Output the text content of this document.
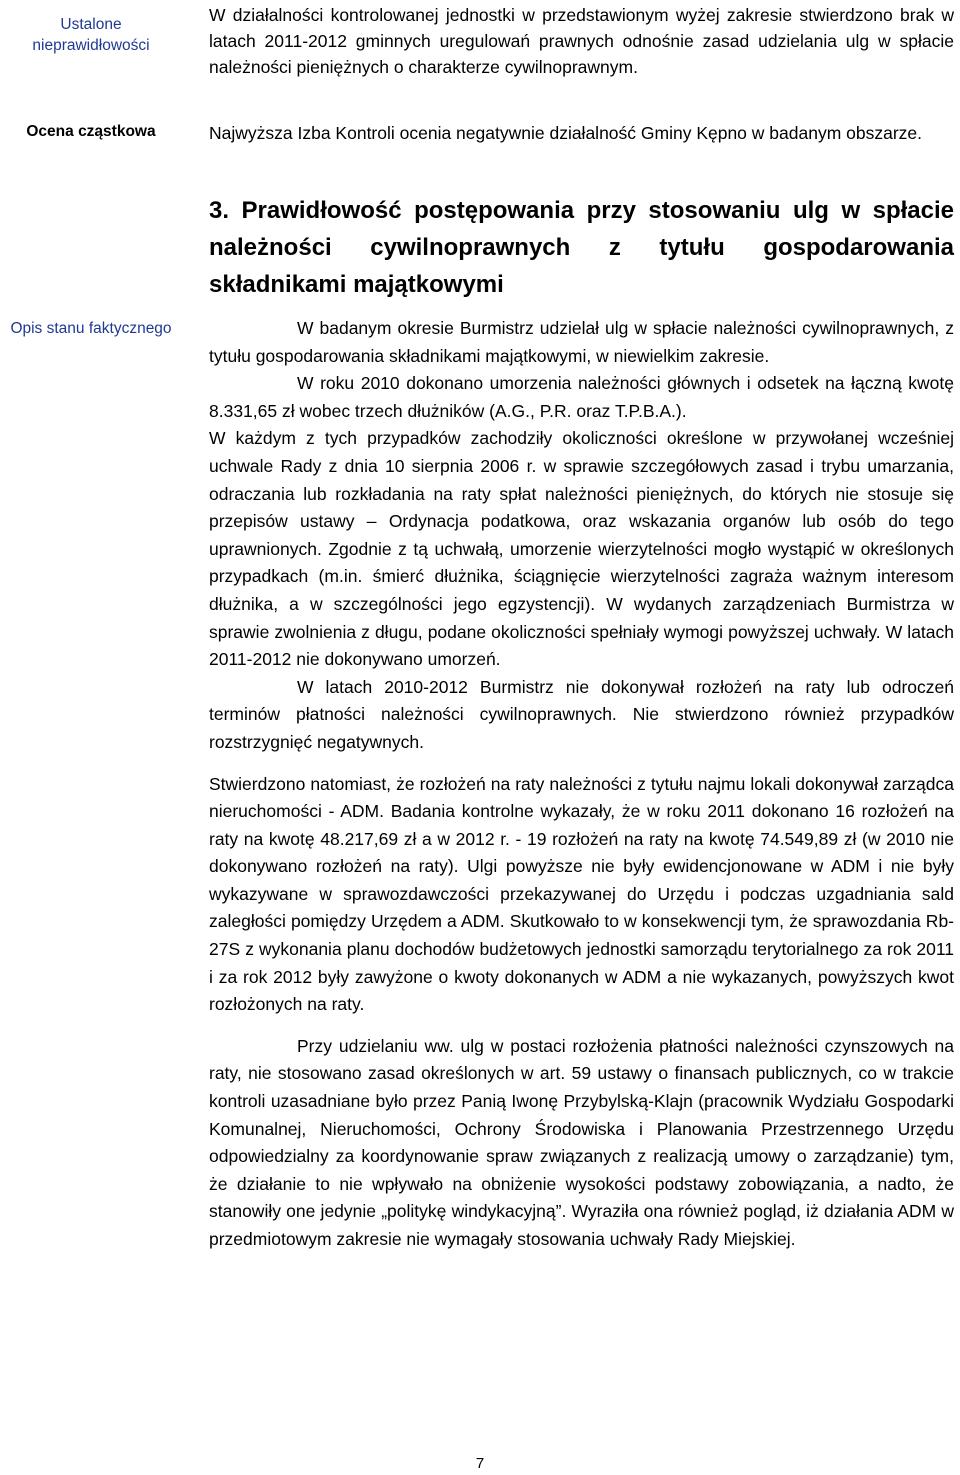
Ustalone nieprawidłowości
Ocena cząstkowa
Opis stanu faktycznego

W działalności kontrolowanej jednostki w przedstawionym wyżej zakresie stwierdzono brak w latach 2011-2012 gminnych uregulowań prawnych odnośnie zasad udzielania ulg w spłacie należności pieniężnych o charakterze cywilnoprawnym.

Najwyższa Izba Kontroli ocenia negatywnie działalność Gminy Kępno w badanym obszarze.

3. Prawidłowość postępowania przy stosowaniu ulg w spłacie należności cywilnoprawnych z tytułu gospodarowania składnikami majątkowymi

W badanym okresie Burmistrz udzielał ulg w spłacie należności cywilnoprawnych, z tytułu gospodarowania składnikami majątkowymi, w niewielkim zakresie.

W roku 2010 dokonano umorzenia należności głównych i odsetek na łączną kwotę 8.331,65 zł wobec trzech dłużników (A.G., P.R. oraz T.P.B.A.).

W każdym z tych przypadków zachodziły okoliczności określone w przywołanej wcześniej uchwale Rady z dnia 10 sierpnia 2006 r. w sprawie szczegółowych zasad i trybu umarzania, odraczania lub rozkładania na raty spłat należności pieniężnych, do których nie stosuje się przepisów ustawy – Ordynacja podatkowa, oraz wskazania organów lub osób do tego uprawnionych. Zgodnie z tą uchwałą, umorzenie wierzytelności mogło wystąpić w określonych przypadkach (m.in. śmierć dłużnika, ściągnięcie wierzytelności zagraża ważnym interesom dłużnika, a w szczególności jego egzystencji). W wydanych zarządzeniach Burmistrza w sprawie zwolnienia z długu, podane okoliczności spełniały wymogi powyższej uchwały. W latach 2011-2012 nie dokonywano umorzeń.

W latach 2010-2012 Burmistrz nie dokonywał rozłożeń na raty lub odroczeń terminów płatności należności cywilnoprawnych. Nie stwierdzono również przypadków rozstrzygnięć negatywnych.

Stwierdzono natomiast, że rozłożeń na raty należności z tytułu najmu lokali dokonywał zarządca nieruchomości - ADM. Badania kontrolne wykazały, że w roku 2011 dokonano 16 rozłożeń na raty na kwotę 48.217,69 zł a w 2012 r. - 19 rozłożeń na raty na kwotę 74.549,89 zł (w 2010 nie dokonywano rozłożeń na raty). Ulgi powyższe nie były ewidencjonowane w ADM i nie były wykazywane w sprawozdawczości przekazywanej do Urzędu i podczas uzgadniania sald zaległości pomiędzy Urzędem a ADM. Skutkowało to w konsekwencji tym, że sprawozdania Rb-27S z wykonania planu dochodów budżetowych jednostki samorządu terytorialnego za rok 2011 i za rok 2012 były zawyżone o kwoty dokonanych w ADM a nie wykazanych, powyższych kwot rozłożonych na raty.

Przy udzielaniu ww. ulg w postaci rozłożenia płatności należności czynszowych na raty, nie stosowano zasad określonych w art. 59 ustawy o finansach publicznych, co w trakcie kontroli uzasadniane było przez Panią Iwonę Przybylską-Klajn (pracownik Wydziału Gospodarki Komunalnej, Nieruchomości, Ochrony Środowiska i Planowania Przestrzennego Urzędu odpowiedzialny za koordynowanie spraw związanych z realizacją umowy o zarządzanie) tym, że działanie to nie wpływało na obniżenie wysokości podstawy zobowiązania, a nadto, że stanowiły one jedynie „politykę windykacyjną”. Wyraziła ona również pogląd, iż działania ADM w przedmiotowym zakresie nie wymagały stosowania uchwały Rady Miejskiej.

7
